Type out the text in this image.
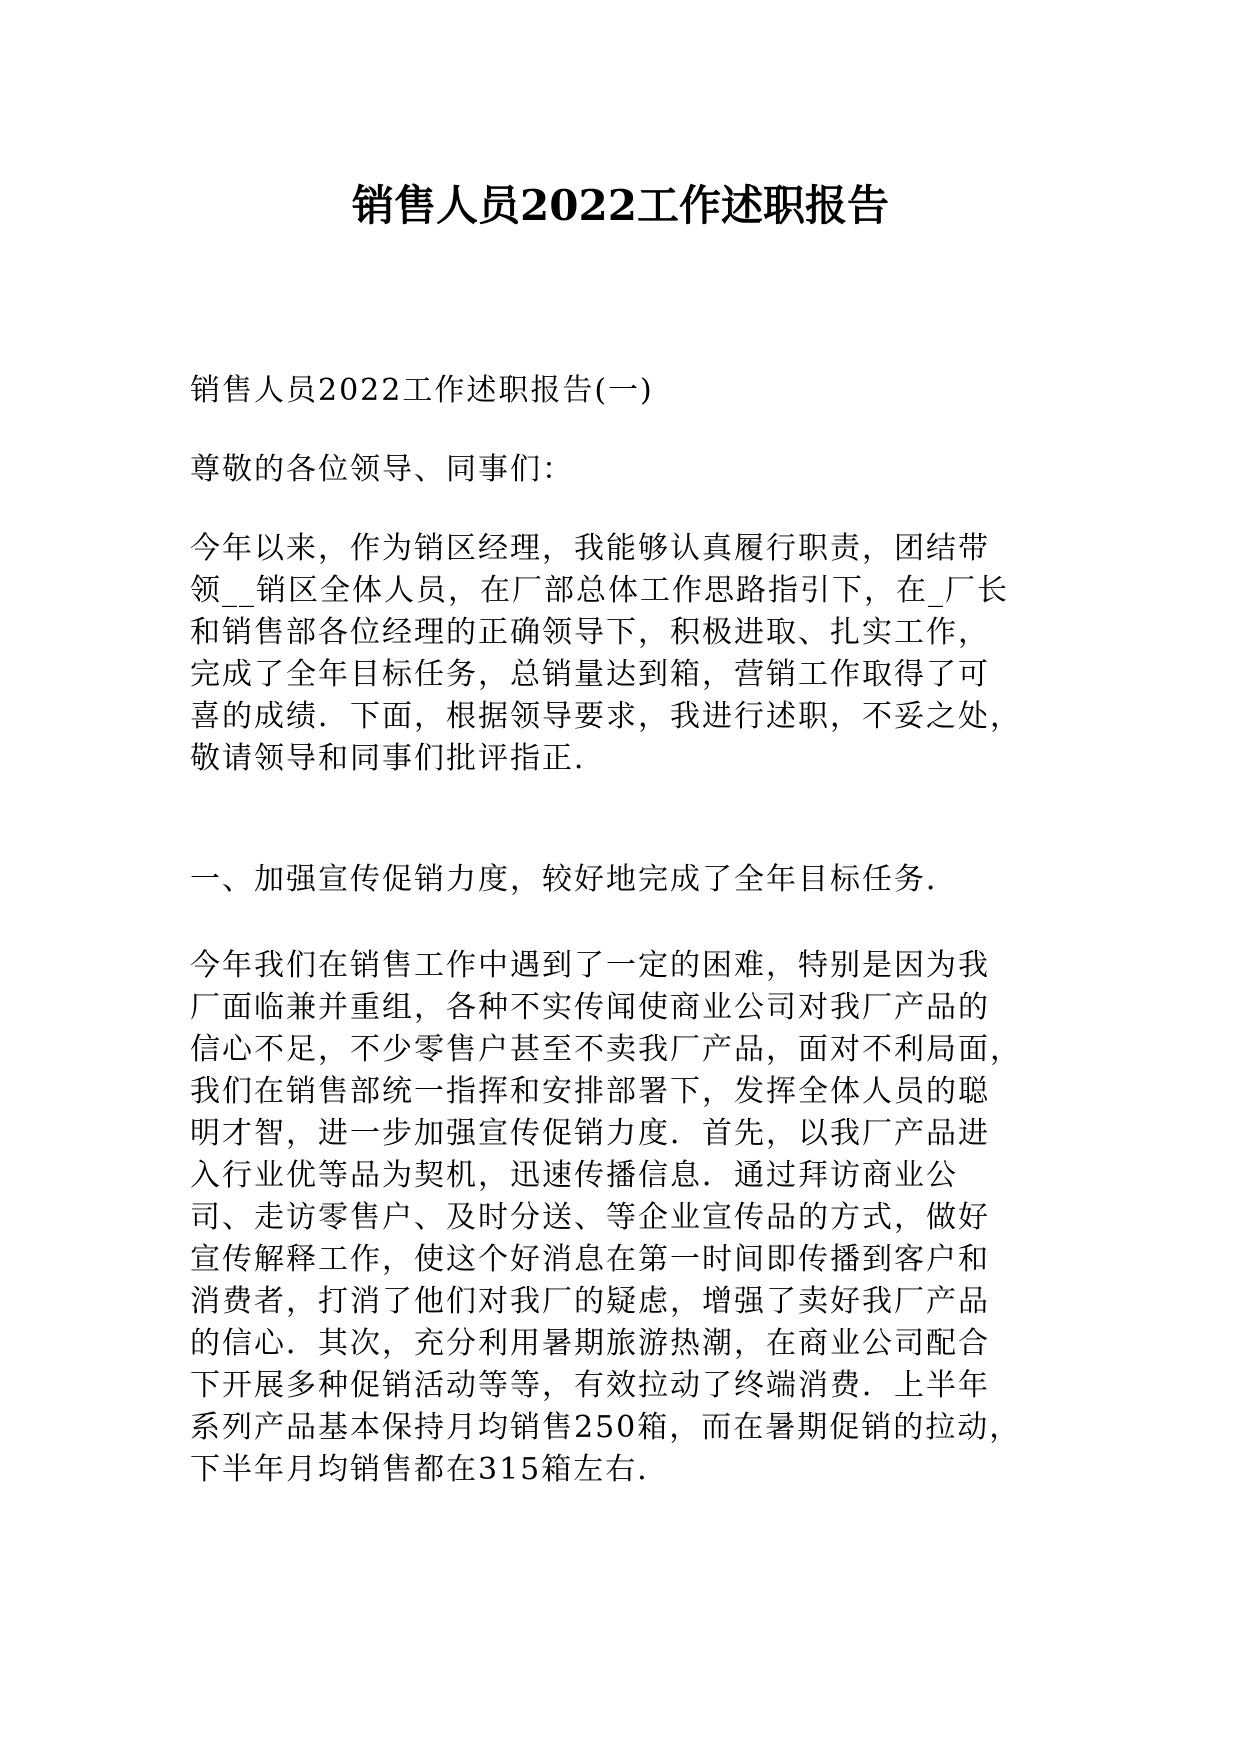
销售人员2022工作述职报告
销售人员2022工作述职报告(一)
尊敬的各位领导、同事们：
今年以来，作为销区经理，我能够认真履行职责，团结带
领__销区全体人员，在厂部总体工作思路指引下，在_厂长
和销售部各位经理的正确领导下，积极进取、扎实工作，
完成了全年目标任务，总销量达到箱，营销工作取得了可
喜的成绩．下面，根据领导要求，我进行述职，不妥之处，
敬请领导和同事们批评指正．
一、加强宣传促销力度，较好地完成了全年目标任务．
今年我们在销售工作中遇到了一定的困难，特别是因为我
厂面临兼并重组，各种不实传闻使商业公司对我厂产品的
信心不足，不少零售户甚至不卖我厂产品，面对不利局面，
我们在销售部统一指挥和安排部署下，发挥全体人员的聪
明才智，进一步加强宣传促销力度．首先，以我厂产品进
入行业优等品为契机，迅速传播信息．通过拜访商业公
司、走访零售户、及时分送、等企业宣传品的方式，做好
宣传解释工作，使这个好消息在第一时间即传播到客户和
消费者，打消了他们对我厂的疑虑，增强了卖好我厂产品
的信心．其次，充分利用暑期旅游热潮，在商业公司配合
下开展多种促销活动等等，有效拉动了终端消费．上半年
系列产品基本保持月均销售250箱，而在暑期促销的拉动，
下半年月均销售都在315箱左右．
